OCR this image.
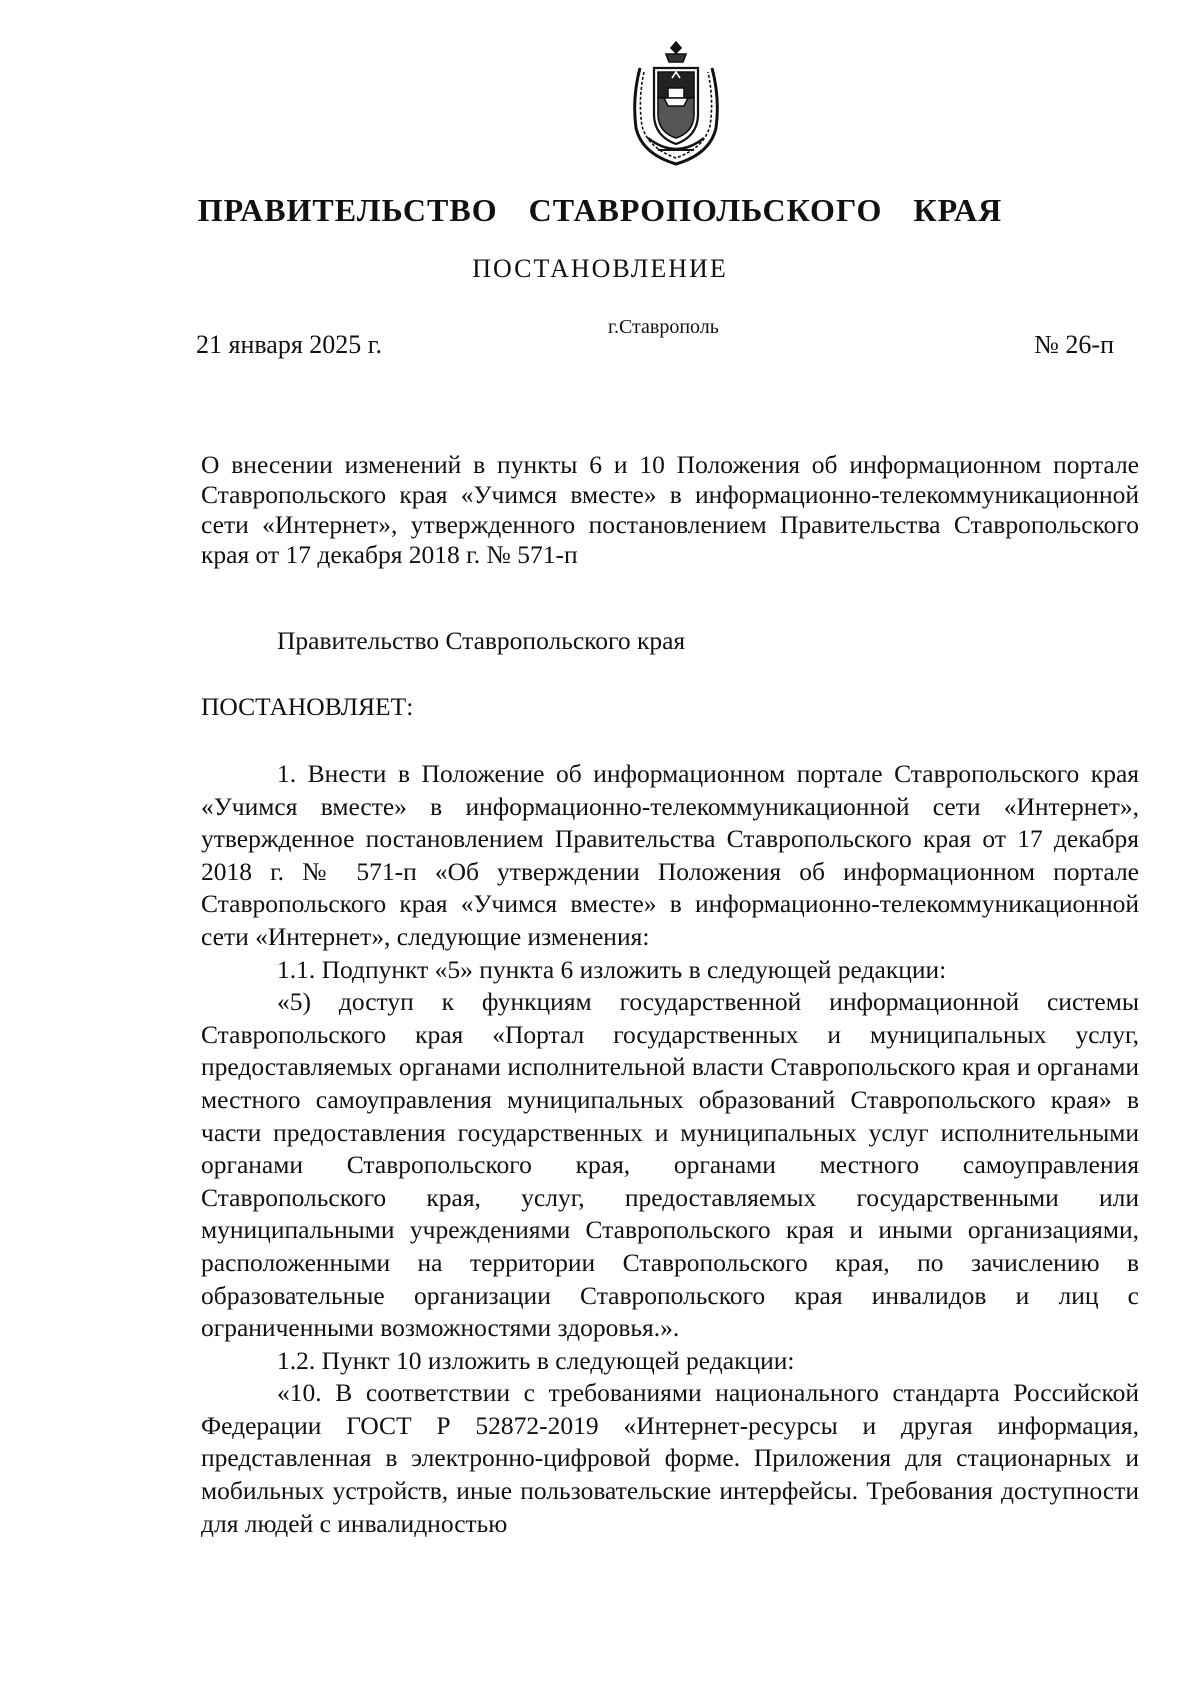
ПРАВИТЕЛЬСТВО СТАВРОПОЛЬСКОГО КРАЯ
ПОСТАНОВЛЕНИЕ
21 января 2025 г.
г.Ставрополь
№ 26-п
О внесении изменений в пункты 6 и 10 Положения об информационном портале Ставропольского края «Учимся вместе» в информационно-телекоммуникационной сети «Интернет», утвержденного постановлением Правительства Ставропольского края от 17 декабря 2018 г. № 571-п
Правительство Ставропольского края
ПОСТАНОВЛЯЕТ:

1. Внести в Положение об информационном портале Ставропольского края «Учимся вместе» в информационно-телекоммуникационной сети «Интернет», утвержденное постановлением Правительства Ставропольского края от 17 декабря 2018 г. № 571-п «Об утверждении Положения об информационном портале Ставропольского края «Учимся вместе» в информационно-телекоммуникационной сети «Интернет», следующие изменения:

1.1. Подпункт «5» пункта 6 изложить в следующей редакции:

«5) доступ к функциям государственной информационной системы Ставропольского края «Портал государственных и муниципальных услуг, предоставляемых органами исполнительной власти Ставропольского края и органами местного самоуправления муниципальных образований Ставропольского края» в части предоставления государственных и муниципальных услуг исполнительными органами Ставропольского края, органами местного самоуправления Ставропольского края, услуг, предоставляемых государственными или муниципальными учреждениями Ставропольского края и иными организациями, расположенными на территории Ставропольского края, по зачислению в образовательные организации Ставропольского края инвалидов и лиц с ограниченными возможностями здоровья.».

1.2. Пункт 10 изложить в следующей редакции:

«10. В соответствии с требованиями национального стандарта Российской Федерации ГОСТ Р 52872-2019 «Интернет-ресурсы и другая информация, представленная в электронно-цифровой форме. Приложения для стационарных и мобильных устройств, иные пользовательские интерфейсы. Требования доступности для людей с инвалидностью
